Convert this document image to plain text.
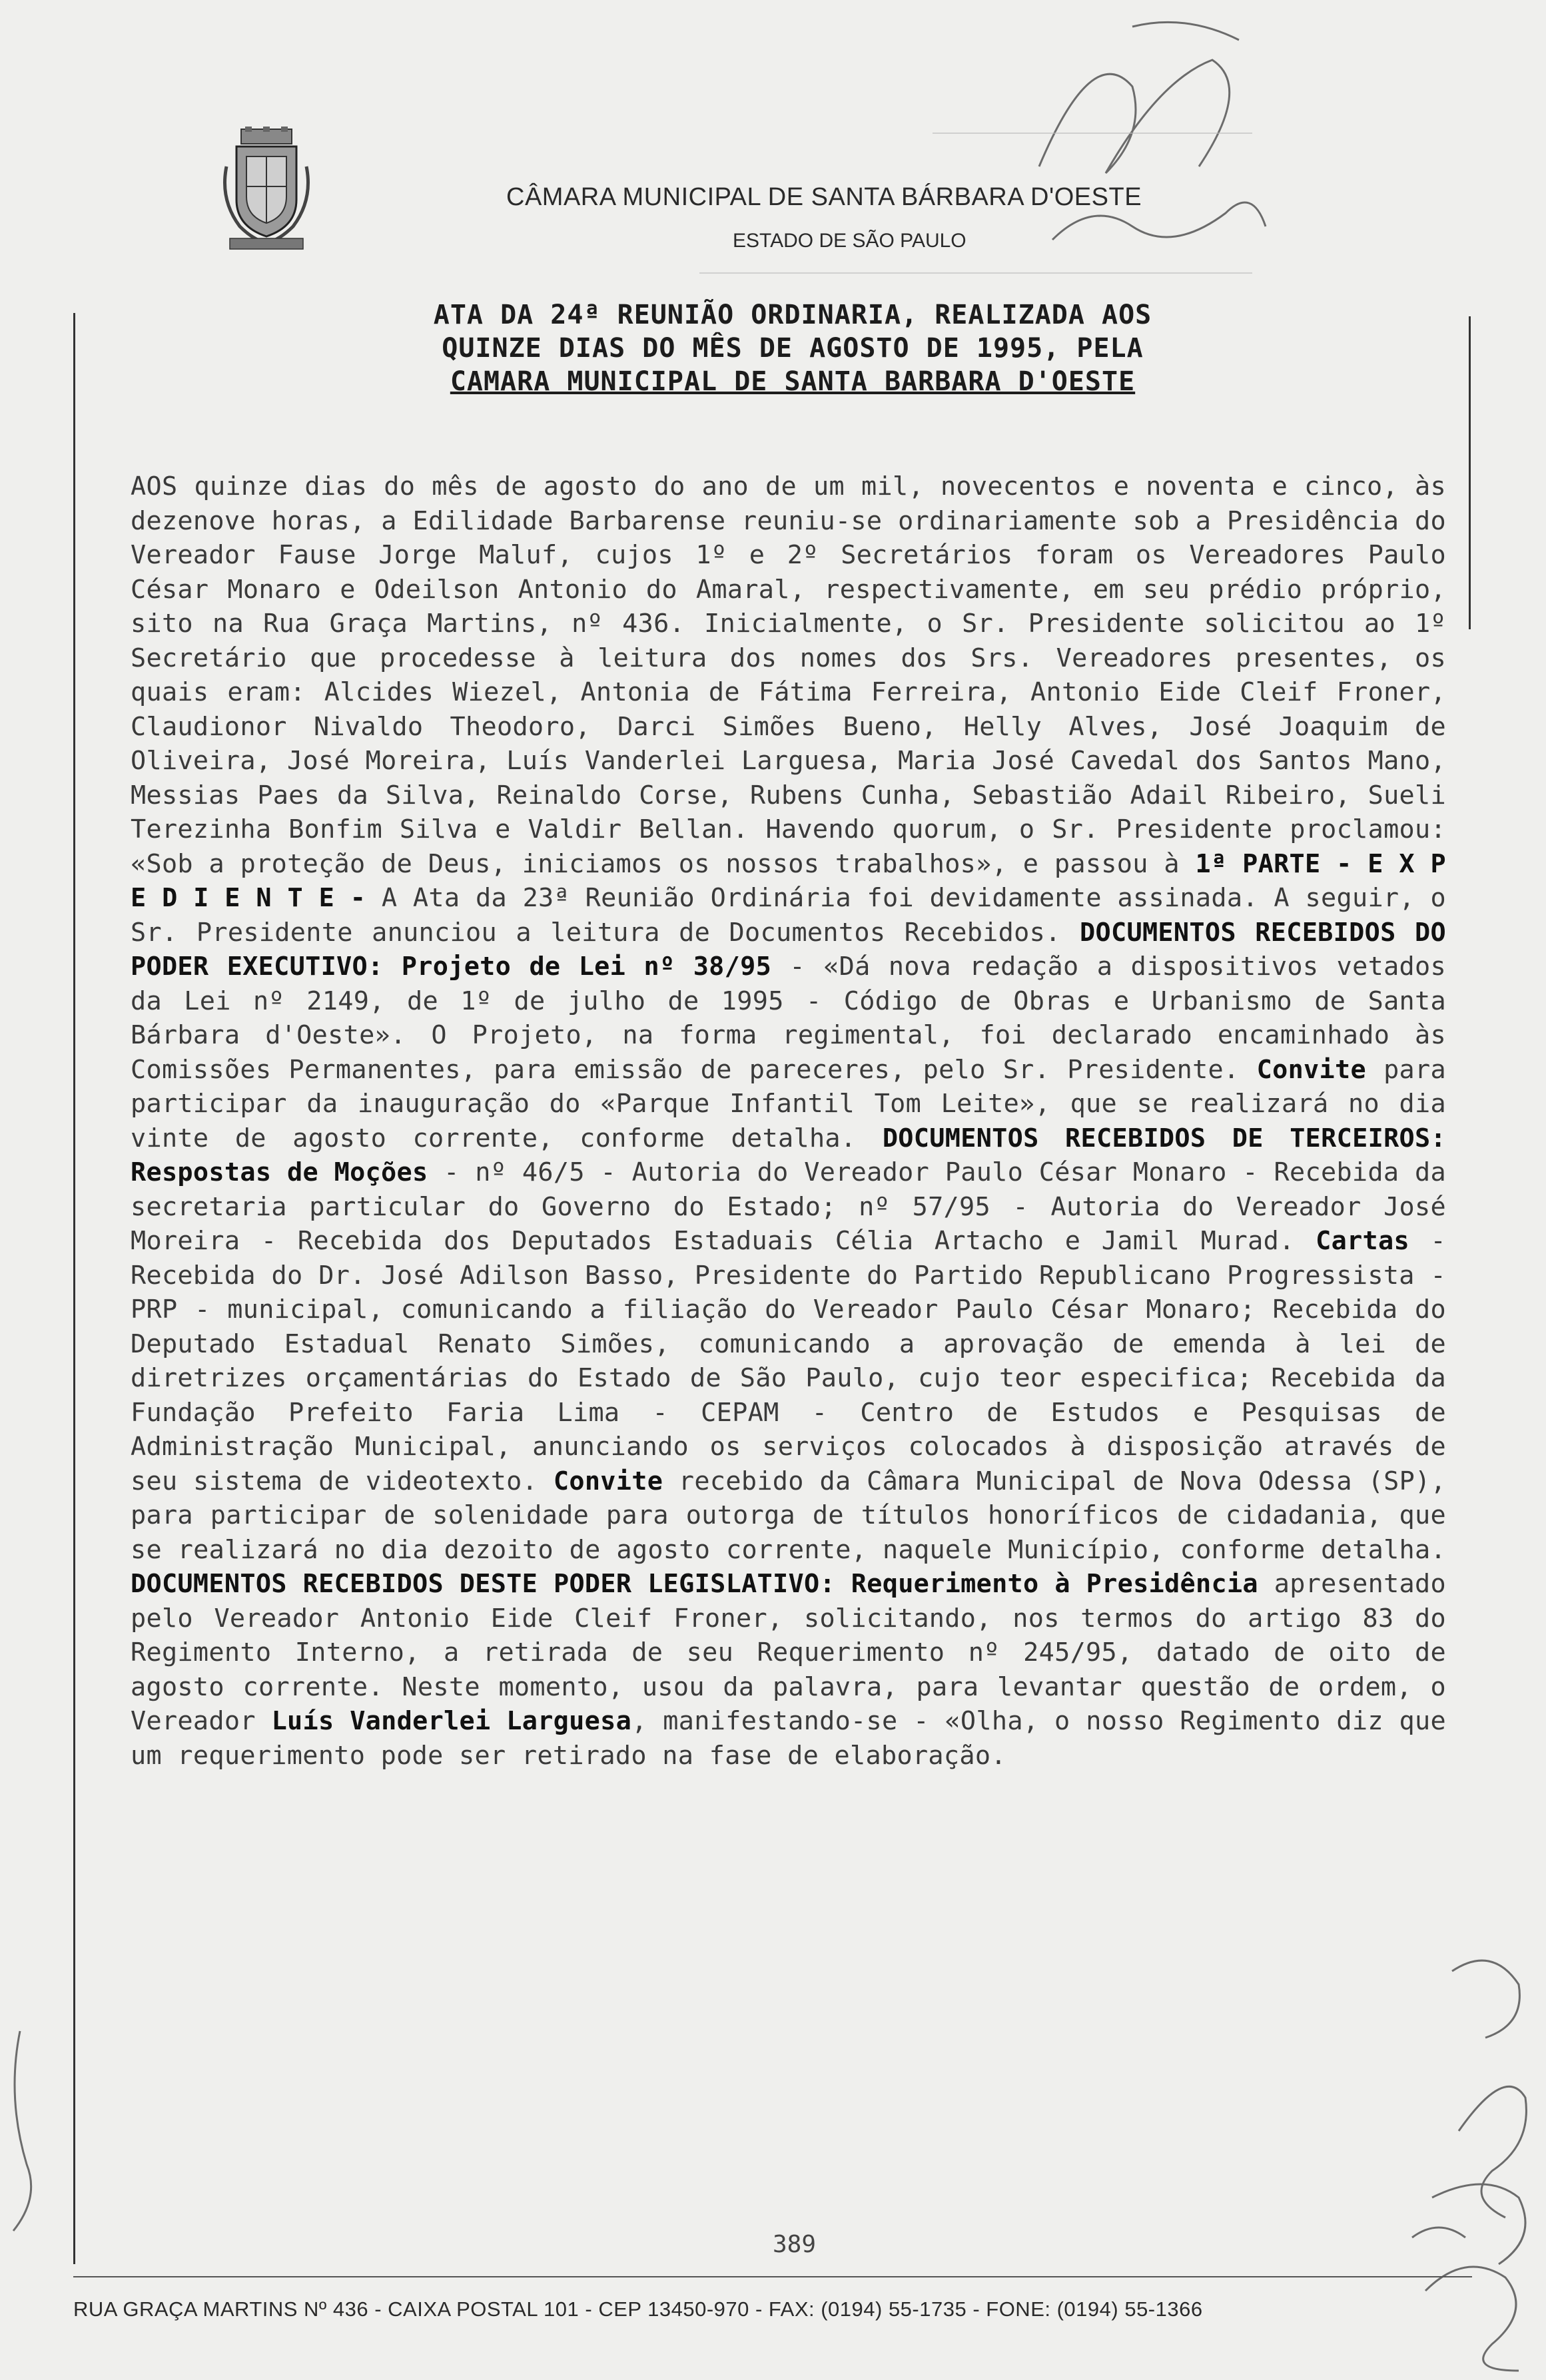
CÂMARA MUNICIPAL DE SANTA BÁRBARA D'OESTE
ESTADO DE SÃO PAULO
ATA DA 24ª REUNIÃO ORDINARIA, REALIZADA AOS
QUINZE DIAS DO MÊS DE AGOSTO DE 1995, PELA
CAMARA MUNICIPAL DE SANTA BARBARA D'OESTE
AOS quinze dias do mês de agosto do ano de um mil, novecentos e noventa e cinco, às dezenove horas, a Edilidade Barbarense reuniu-se ordinariamente sob a Presidência do Vereador Fause Jorge Maluf, cujos 1º e 2º Secretários foram os Vereadores Paulo César Monaro e Odeilson Antonio do Amaral, respectivamente, em seu prédio próprio, sito na Rua Graça Martins, nº 436. Inicialmente, o Sr. Presidente solicitou ao 1º Secretário que procedesse à leitura dos nomes dos Srs. Vereadores presentes, os quais eram: Alcides Wiezel, Antonia de Fátima Ferreira, Antonio Eide Cleif Froner, Claudionor Nivaldo Theodoro, Darci Simões Bueno, Helly Alves, José Joaquim de Oliveira, José Moreira, Luís Vanderlei Larguesa, Maria José Cavedal dos Santos Mano, Messias Paes da Silva, Reinaldo Corse, Rubens Cunha, Sebastião Adail Ribeiro, Sueli Terezinha Bonfim Silva e Valdir Bellan. Havendo quorum, o Sr. Presidente proclamou: «Sob a proteção de Deus, iniciamos os nossos trabalhos», e passou à 1ª PARTE - E X P E D I E N T E - A Ata da 23ª Reunião Ordinária foi devidamente assinada. A seguir, o Sr. Presidente anunciou a leitura de Documentos Recebidos. DOCUMENTOS RECEBIDOS DO PODER EXECUTIVO: Projeto de Lei nº 38/95 - «Dá nova redação a dispositivos vetados da Lei nº 2149, de 1º de julho de 1995 - Código de Obras e Urbanismo de Santa Bárbara d'Oeste». O Projeto, na forma regimental, foi declarado encaminhado às Comissões Permanentes, para emissão de pareceres, pelo Sr. Presidente. Convite para participar da inauguração do «Parque Infantil Tom Leite», que se realizará no dia vinte de agosto corrente, conforme detalha. DOCUMENTOS RECEBIDOS DE TERCEIROS: Respostas de Moções - nº 46/5 - Autoria do Vereador Paulo César Monaro - Recebida da secretaria particular do Governo do Estado; nº 57/95 - Autoria do Vereador José Moreira - Recebida dos Deputados Estaduais Célia Artacho e Jamil Murad. Cartas - Recebida do Dr. José Adilson Basso, Presidente do Partido Republicano Progressista - PRP - municipal, comunicando a filiação do Vereador Paulo César Monaro; Recebida do Deputado Estadual Renato Simões, comunicando a aprovação de emenda à lei de diretrizes orçamentárias do Estado de São Paulo, cujo teor especifica; Recebida da Fundação Prefeito Faria Lima - CEPAM - Centro de Estudos e Pesquisas de Administração Municipal, anunciando os serviços colocados à disposição através de seu sistema de videotexto. Convite recebido da Câmara Municipal de Nova Odessa (SP), para participar de solenidade para outorga de títulos honoríficos de cidadania, que se realizará no dia dezoito de agosto corrente, naquele Município, conforme detalha. DOCUMENTOS RECEBIDOS DESTE PODER LEGISLATIVO: Requerimento à Presidência apresentado pelo Vereador Antonio Eide Cleif Froner, solicitando, nos termos do artigo 83 do Regimento Interno, a retirada de seu Requerimento nº 245/95, datado de oito de agosto corrente. Neste momento, usou da palavra, para levantar questão de ordem, o Vereador Luís Vanderlei Larguesa, manifestando-se - «Olha, o nosso Regimento diz que um requerimento pode ser retirado na fase de elaboração.
389
RUA GRAÇA MARTINS Nº 436 - CAIXA POSTAL 101 - CEP 13450-970 - FAX: (0194) 55-1735 - FONE: (0194) 55-1366
